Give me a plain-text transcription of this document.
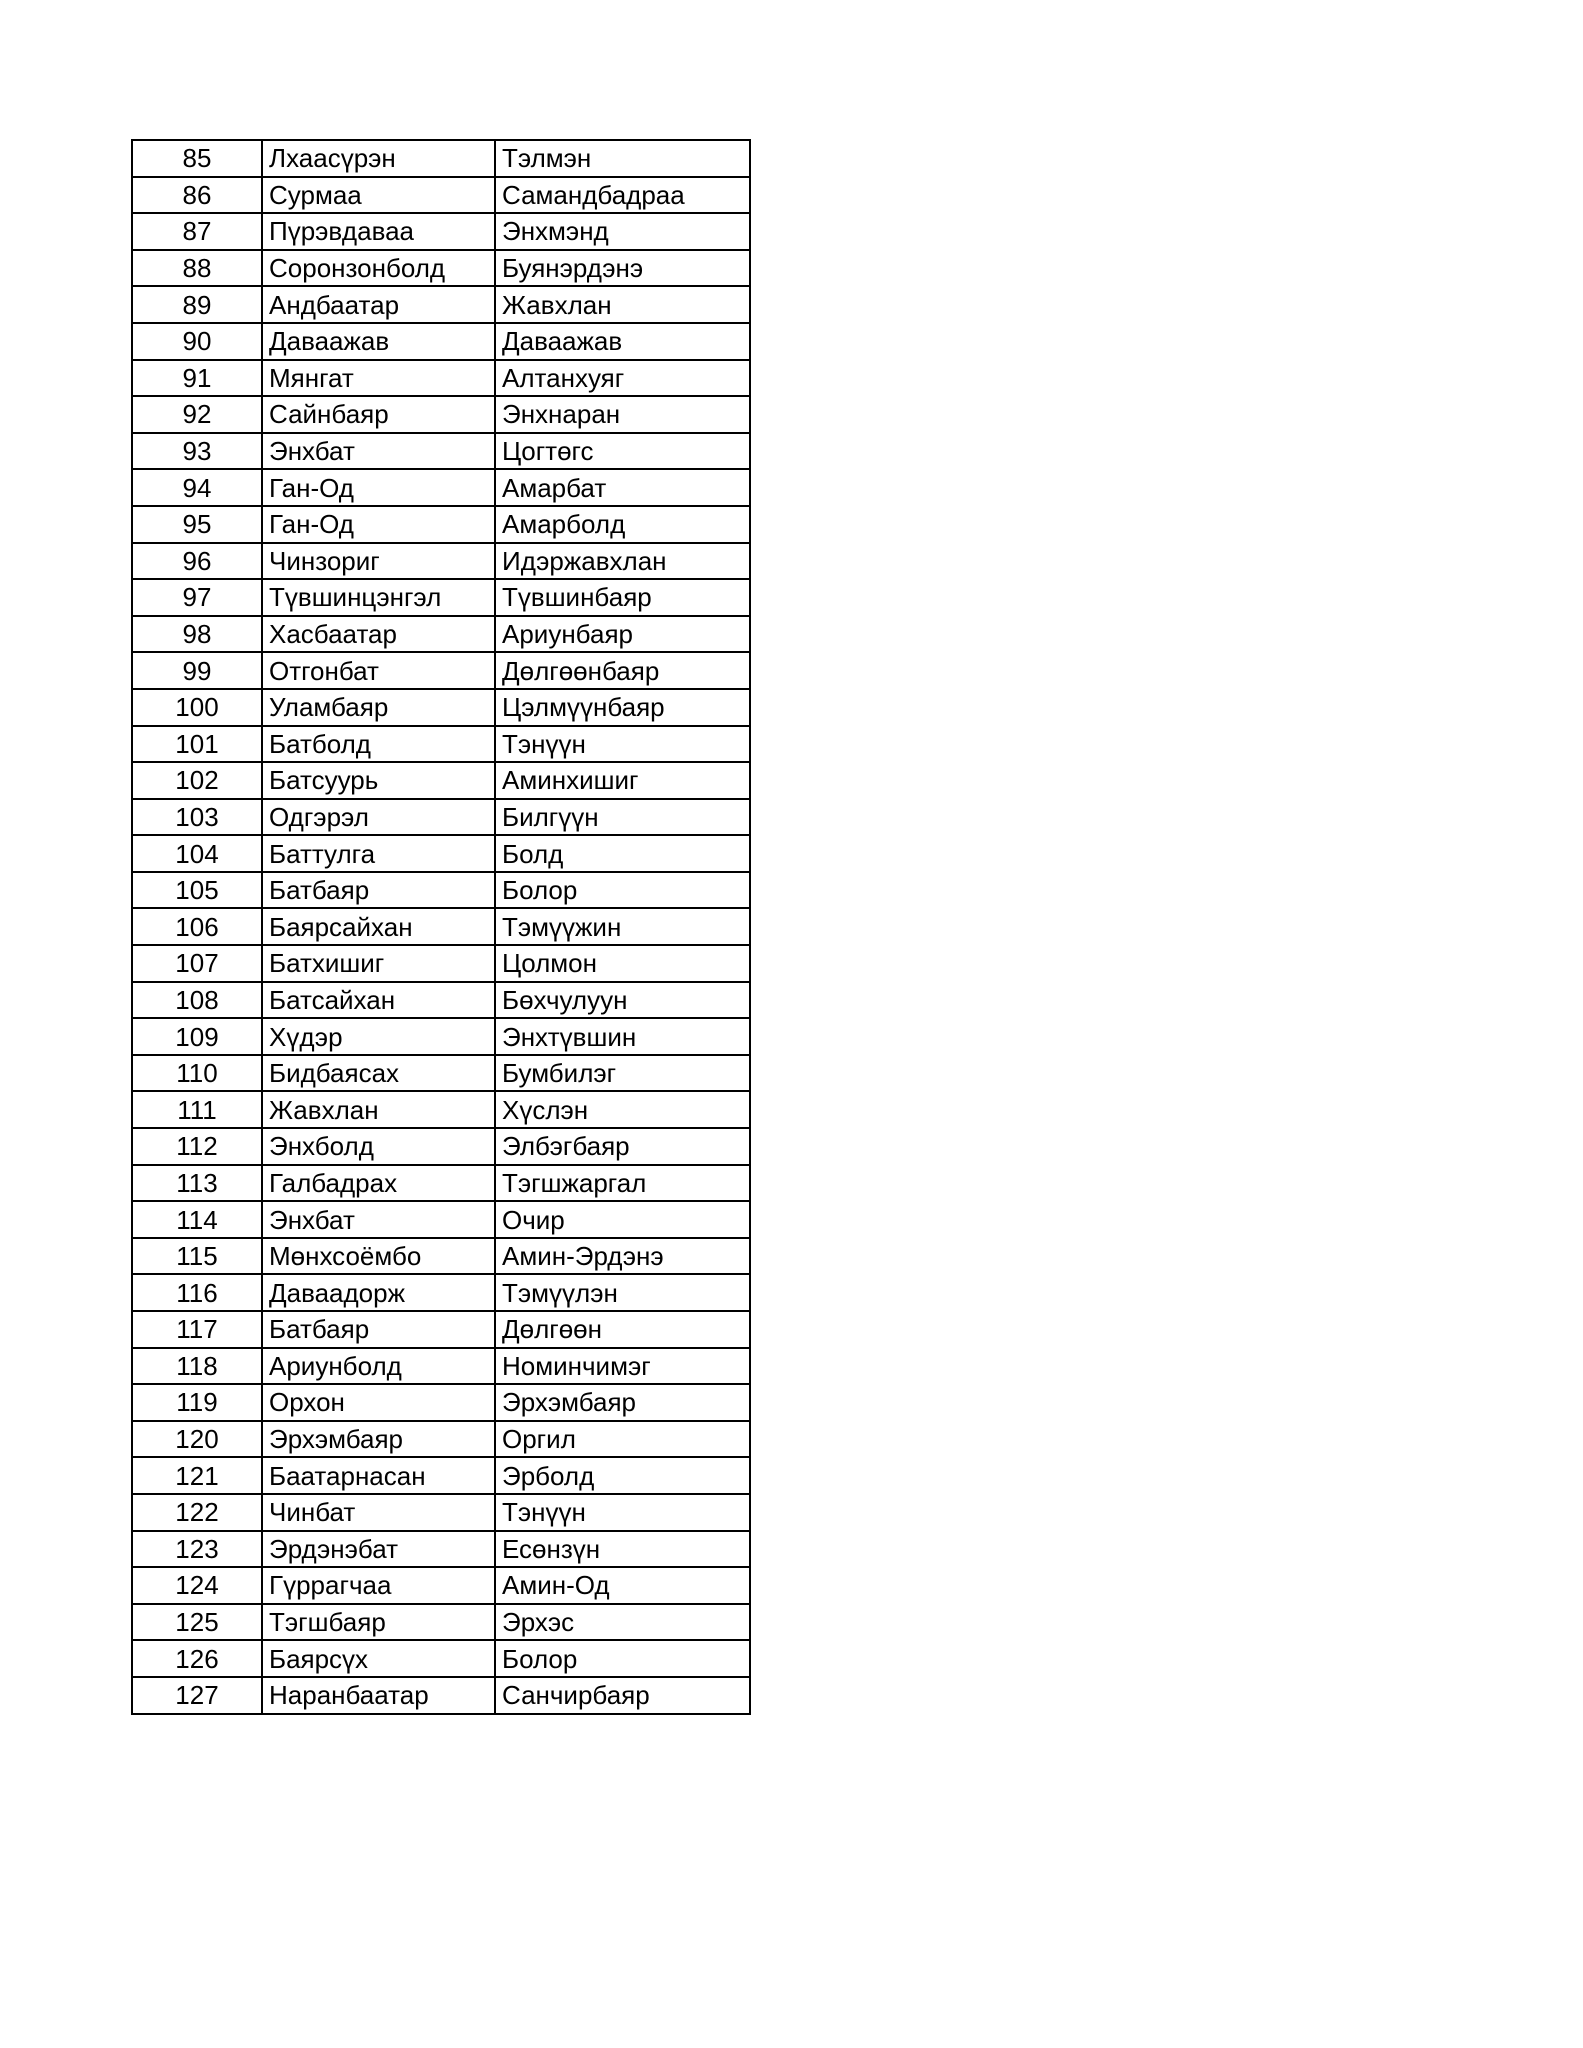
85	Лхаасүрэн	Тэлмэн
86	Сурмаа	Самандбадраа
87	Пүрэвдаваа	Энхмэнд
88	Соронзонболд	Буянэрдэнэ
89	Андбаатар	Жавхлан
90	Даваажав	Даваажав
91	Мянгат	Алтанхуяг
92	Сайнбаяр	Энхнаран
93	Энхбат	Цогтөгс
94	Ган-Од	Амарбат
95	Ган-Од	Амарболд
96	Чинзориг	Идэржавхлан
97	Түвшинцэнгэл	Түвшинбаяр
98	Хасбаатар	Ариунбаяр
99	Отгонбат	Дөлгөөнбаяр
100	Уламбаяр	Цэлмүүнбаяр
101	Батболд	Тэнүүн
102	Батсуурь	Аминхишиг
103	Одгэрэл	Билгүүн
104	Баттулга	Болд
105	Батбаяр	Болор
106	Баярсайхан	Тэмүүжин
107	Батхишиг	Цолмон
108	Батсайхан	Бөхчулуун
109	Хүдэр	Энхтүвшин
110	Бидбаясах	Бумбилэг
111	Жавхлан	Хүслэн
112	Энхболд	Элбэгбаяр
113	Галбадрах	Тэгшжаргал
114	Энхбат	Очир
115	Мөнхсоёмбо	Амин-Эрдэнэ
116	Даваадорж	Тэмүүлэн
117	Батбаяр	Дөлгөөн
118	Ариунболд	Номинчимэг
119	Орхон	Эрхэмбаяр
120	Эрхэмбаяр	Оргил
121	Баатарнасан	Эрболд
122	Чинбат	Тэнүүн
123	Эрдэнэбат	Есөнзүн
124	Гүррагчаа	Амин-Од
125	Тэгшбаяр	Эрхэс
126	Баярсүх	Болор
127	Наранбаатар	Санчирбаяр
